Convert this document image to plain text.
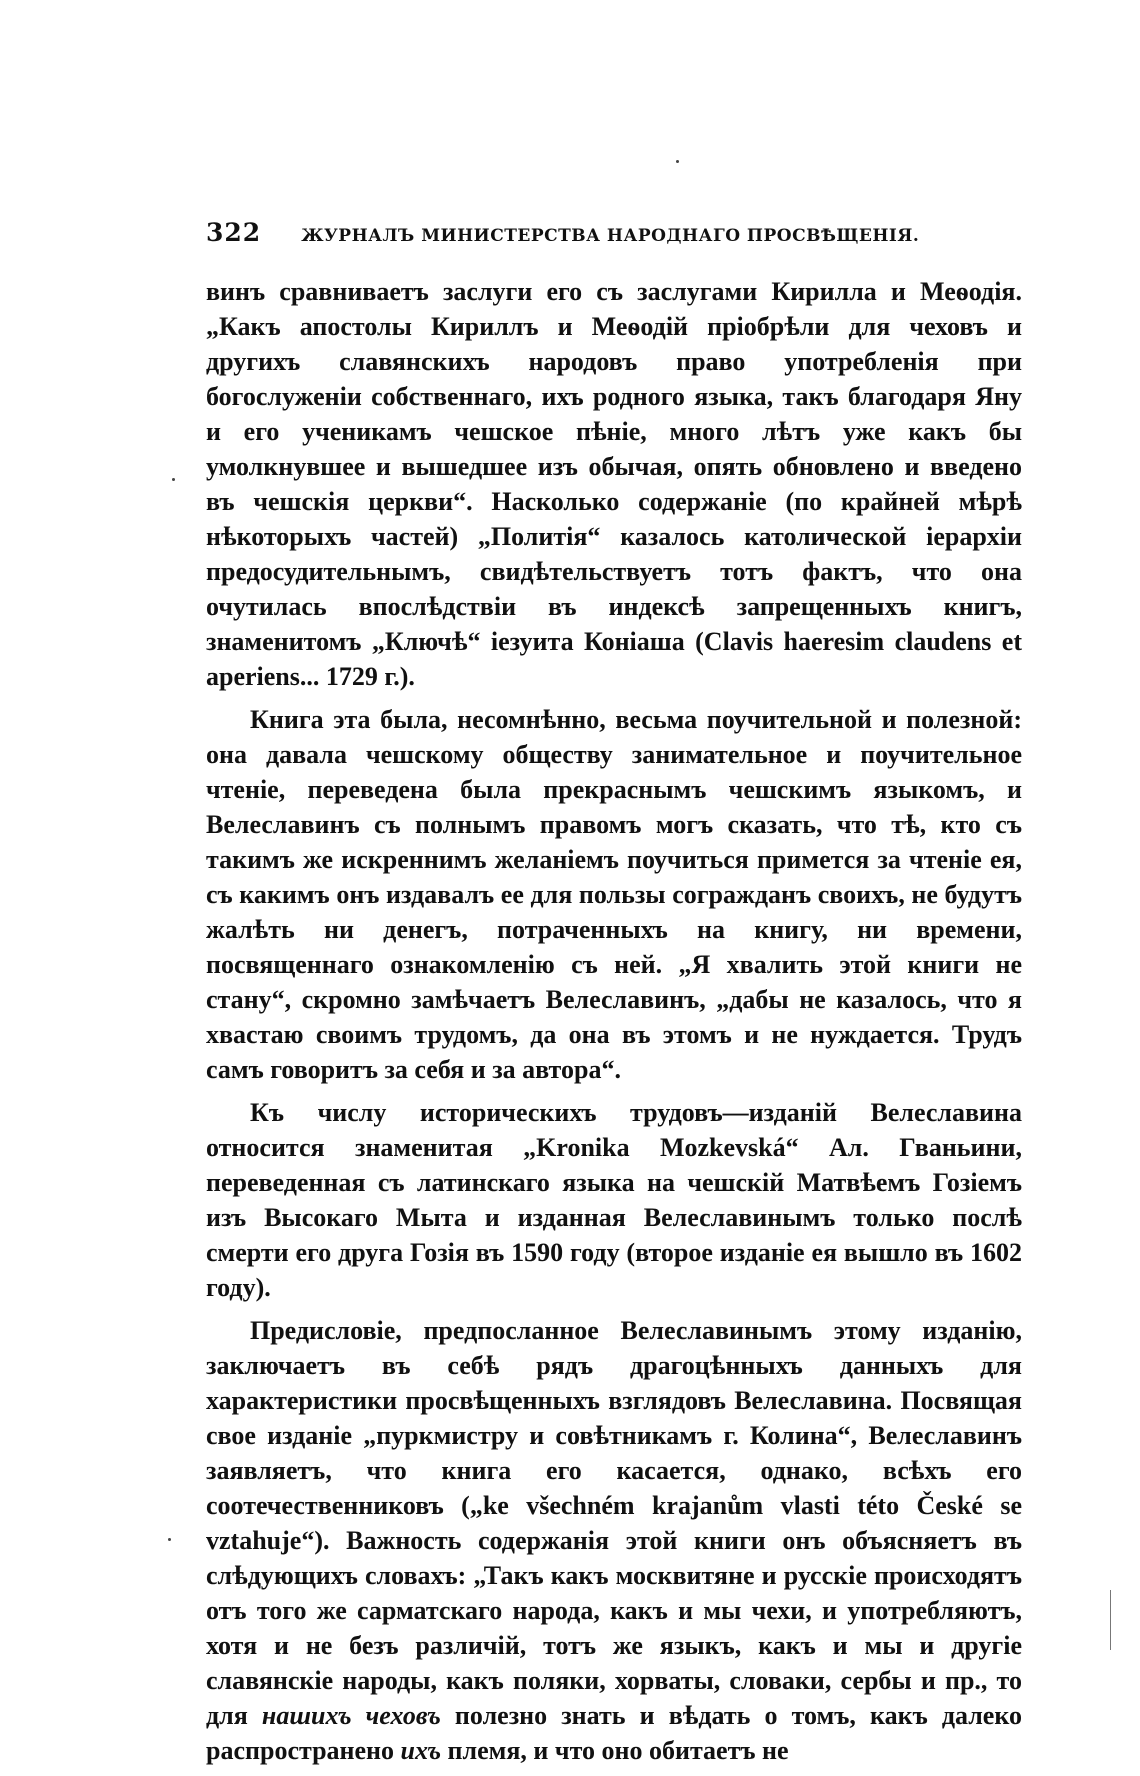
322 ЖУРНАЛЪ МИНИСТЕРСТВА НАРОДНАГО ПРОСВѢЩЕНІЯ.

винъ сравниваетъ заслуги его съ заслугами Кирилла и Меѳодія. „Какъ апостолы Кириллъ и Меѳодій пріобрѣли для чеховъ и другихъ славянскихъ народовъ право употребленія при богослуженіи собственнаго, ихъ родного языка, такъ благодаря Яну и его ученикамъ чешское пѣніе, много лѣтъ уже какъ бы умолкнувшее и вышедшее изъ обычая, опять обновлено и введено въ чешскія церкви“. Насколько содержаніе (по крайней мѣрѣ нѣкоторыхъ частей) „Политія“ казалось католической іерархіи предосудительнымъ, свидѣтельствуетъ тотъ фактъ, что она очутилась впослѣдствіи въ индексѣ запрещенныхъ книгъ, знаменитомъ „Ключѣ“ іезуита Коніаша (Clavis haeresim claudens et aperiens... 1729 г.).

Книга эта была, несомнѣнно, весьма поучительной и полезной: она давала чешскому обществу занимательное и поучительное чтеніе, переведена была прекраснымъ чешскимъ языкомъ, и Велеславинъ съ полнымъ правомъ могъ сказать, что тѣ, кто съ такимъ же искреннимъ желаніемъ поучиться примется за чтеніе ея, съ какимъ онъ издавалъ ее для пользы согражданъ своихъ, не будутъ жалѣть ни денегъ, потраченныхъ на книгу, ни времени, посвященнаго ознакомленію съ ней. „Я хвалить этой книги не стану“, скромно замѣчаетъ Велеславинъ, „дабы не казалось, что я хвастаю своимъ трудомъ, да она въ этомъ и не нуждается. Трудъ самъ говоритъ за себя и за автора“.

Къ числу историческихъ трудовъ—изданій Велеславина относится знаменитая „Kronika Mozkevská“ Ал. Гваньини, переведенная съ латинскаго языка на чешскій Матвѣемъ Гозіемъ изъ Высокаго Мыта и изданная Велеславинымъ только послѣ смерти его друга Гозія въ 1590 году (второе изданіе ея вышло въ 1602 году).

Предисловіе, предпосланное Велеславинымъ этому изданію, заключаетъ въ себѣ рядъ драгоцѣнныхъ данныхъ для характеристики просвѣщенныхъ взглядовъ Велеславина. Посвящая свое изданіе „пуркмистру и совѣтникамъ г. Колина“, Велеславинъ заявляетъ, что книга его касается, однако, всѣхъ его соотечественниковъ („ke všechném krajanům vlasti této České se vztahuje“). Важность содержанія этой книги онъ объясняетъ въ слѣдующихъ словахъ: „Такъ какъ москвитяне и русскіе происходятъ отъ того же сарматскаго народа, какъ и мы чехи, и употребляютъ, хотя и не безъ различій, тотъ же языкъ, какъ и мы и другіе славянскіе народы, какъ поляки, хорваты, словаки, сербы и пр., то для нашихъ чеховъ полезно знать и вѣдать о томъ, какъ далеко распространено ихъ племя, и что оно обитаетъ не
